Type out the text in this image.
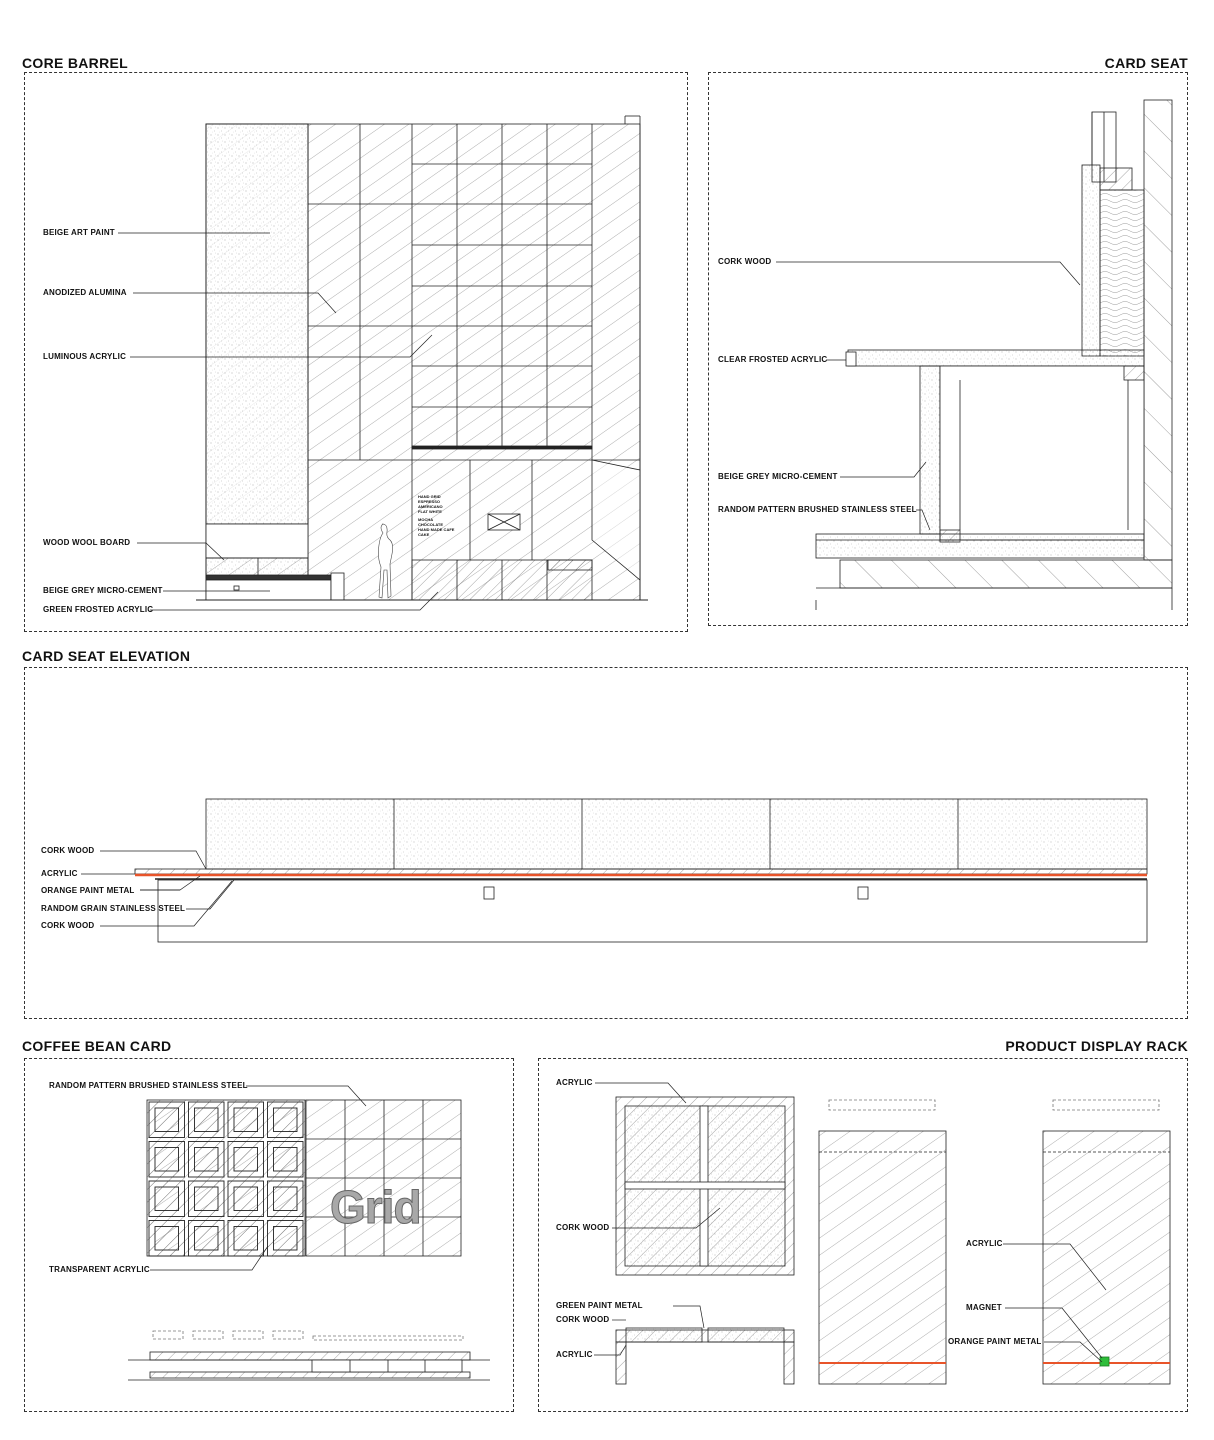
Grid
HAND GRID
ESPRESSO
AMERICANO
FLAT WHITE
MOCHA
CHOCOLATE
HAND MADE CAFE
CAKE
CORE BARREL	CARD SEAT
CARD SEAT ELEVATION
COFFEE BEAN CARD	PRODUCT DISPLAY RACK
BEIGE ART PAINT
ANODIZED ALUMINA
LUMINOUS ACRYLIC
WOOD WOOL BOARD
BEIGE GREY MICRO-CEMENT
GREEN FROSTED ACRYLIC
CORK WOOD
CLEAR FROSTED ACRYLIC
BEIGE GREY MICRO-CEMENT
RANDOM PATTERN BRUSHED STAINLESS STEEL
CORK WOOD
ACRYLIC
ORANGE PAINT METAL
RANDOM GRAIN STAINLESS STEEL
CORK WOOD
RANDOM PATTERN BRUSHED STAINLESS STEEL
TRANSPARENT ACRYLIC
ACRYLIC
CORK WOOD
GREEN PAINT METAL
CORK WOOD
ACRYLIC
ACRYLIC
MAGNET
ORANGE PAINT METAL
